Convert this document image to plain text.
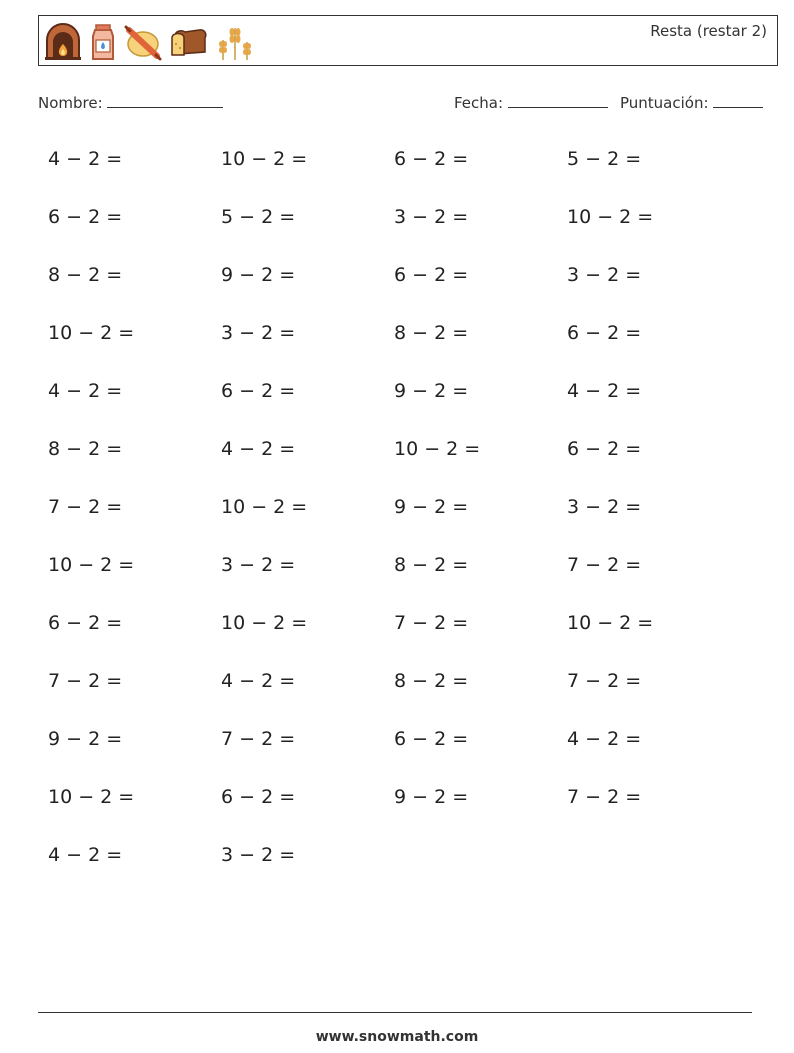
Resta (restar 2)
Nombre:	Fecha:	Puntuación:
4 − 2 =	10 − 2 =	6 − 2 =	5 − 2 =
6 − 2 =	5 − 2 =	3 − 2 =	10 − 2 =
8 − 2 =	9 − 2 =	6 − 2 =	3 − 2 =
10 − 2 =	3 − 2 =	8 − 2 =	6 − 2 =
4 − 2 =	6 − 2 =	9 − 2 =	4 − 2 =
8 − 2 =	4 − 2 =	10 − 2 =	6 − 2 =
7 − 2 =	10 − 2 =	9 − 2 =	3 − 2 =
10 − 2 =	3 − 2 =	8 − 2 =	7 − 2 =
6 − 2 =	10 − 2 =	7 − 2 =	10 − 2 =
7 − 2 =	4 − 2 =	8 − 2 =	7 − 2 =
9 − 2 =	7 − 2 =	6 − 2 =	4 − 2 =
10 − 2 =	6 − 2 =	9 − 2 =	7 − 2 =
4 − 2 =	3 − 2 =
www.snowmath.com
